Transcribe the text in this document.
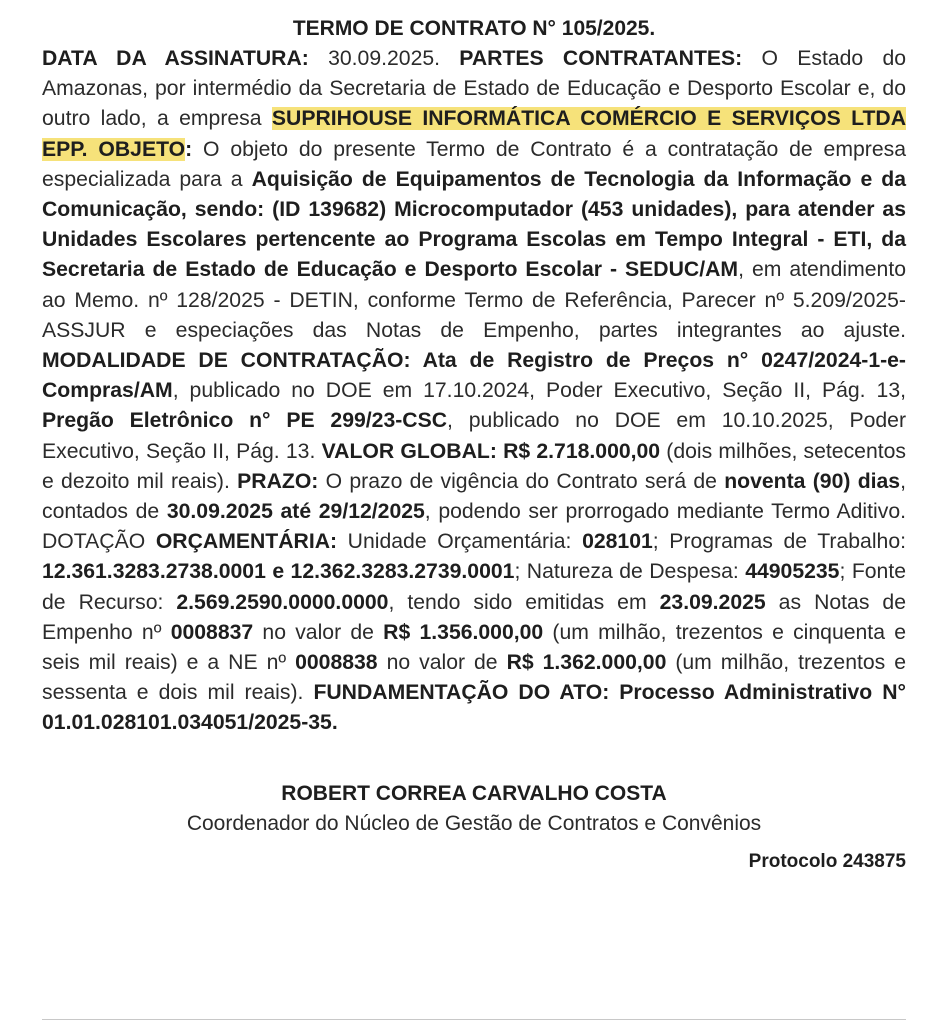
TERMO DE CONTRATO N° 105/2025.

DATA DA ASSINATURA: 30.09.2025. PARTES CONTRATANTES: O Estado do Amazonas, por intermédio da Secretaria de Estado de Educação e Desporto Escolar e, do outro lado, a empresa SUPRIHOUSE INFORMÁTICA COMÉRCIO E SERVIÇOS LTDA EPP. OBJETO: O objeto do presente Termo de Contrato é a contratação de empresa especializada para a Aquisição de Equipamentos de Tecnologia da Informação e da Comunicação, sendo: (ID 139682) Microcomputador (453 unidades), para atender as Unidades Escolares pertencente ao Programa Escolas em Tempo Integral - ETI, da Secretaria de Estado de Educação e Desporto Escolar - SEDUC/AM, em atendimento ao Memo. nº 128/2025 - DETIN, conforme Termo de Referência, Parecer nº 5.209/2025-ASSJUR e especiações das Notas de Empenho, partes integrantes ao ajuste. MODALIDADE DE CONTRATAÇÃO: Ata de Registro de Preços n° 0247/2024-1-e-Compras/AM, publicado no DOE em 17.10.2024, Poder Executivo, Seção II, Pág. 13, Pregão Eletrônico n° PE 299/23-CSC, publicado no DOE em 10.10.2025, Poder Executivo, Seção II, Pág. 13. VALOR GLOBAL: R$ 2.718.000,00 (dois milhões, setecentos e dezoito mil reais). PRAZO: O prazo de vigência do Contrato será de noventa (90) dias, contados de 30.09.2025 até 29/12/2025, podendo ser prorrogado mediante Termo Aditivo. DOTAÇÃO ORÇAMENTÁRIA: Unidade Orçamentária: 028101; Programas de Trabalho: 12.361.3283.2738.0001 e 12.362.3283.2739.0001; Natureza de Despesa: 44905235; Fonte de Recurso: 2.569.2590.0000.0000, tendo sido emitidas em 23.09.2025 as Notas de Empenho nº 0008837 no valor de R$ 1.356.000,00 (um milhão, trezentos e cinquenta e seis mil reais) e a NE nº 0008838 no valor de R$ 1.362.000,00 (um milhão, trezentos e sessenta e dois mil reais). FUNDAMENTAÇÃO DO ATO: Processo Administrativo N° 01.01.028101.034051/2025-35.

ROBERT CORREA CARVALHO COSTA
Coordenador do Núcleo de Gestão de Contratos e Convênios
Protocolo 243875
